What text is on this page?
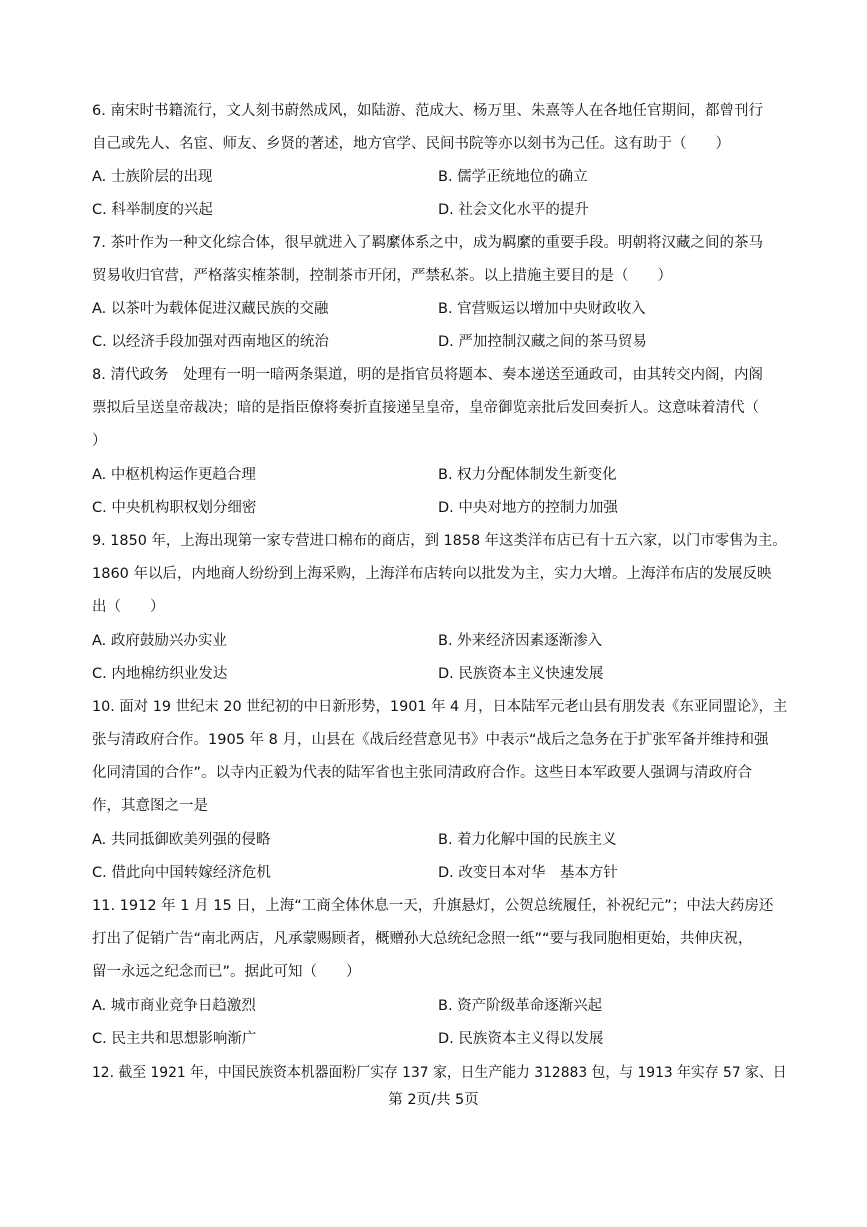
6. 南宋时书籍流行，文人刻书蔚然成风，如陆游、范成大、杨万里、朱熹等人在各地任官期间，都曾刊行
自己或先人、名宦、师友、乡贤的著述，地方官学、民间书院等亦以刻书为己任。这有助于（　　）
A. 士族阶层的出现	B. 儒学正统地位的确立
C. 科举制度的兴起	D. 社会文化水平的提升
7. 茶叶作为一种文化综合体，很早就进入了羁縻体系之中，成为羁縻的重要手段。明朝将汉藏之间的茶马
贸易收归官营，严格落实榷茶制，控制茶市开闭，严禁私茶。以上措施主要目的是（　　）
A. 以茶叶为载体促进汉藏民族的交融	B. 官营贩运以增加中央财政收入
C. 以经济手段加强对西南地区的统治	D. 严加控制汉藏之间的茶马贸易
8. 清代政务　处理有一明一暗两条渠道，明的是指官员将题本、奏本递送至通政司，由其转交内阁，内阁
票拟后呈送皇帝裁决；暗的是指臣僚将奏折直接递呈皇帝，皇帝御览亲批后发回奏折人。这意味着清代（
）
A. 中枢机构运作更趋合理	B. 权力分配体制发生新变化
C. 中央机构职权划分细密	D. 中央对地方的控制力加强
9. 1850 年，上海出现第一家专营进口棉布的商店，到 1858 年这类洋布店已有十五六家，以门市零售为主。
1860 年以后，内地商人纷纷到上海采购，上海洋布店转向以批发为主，实力大增。上海洋布店的发展反映
出（　　）
A. 政府鼓励兴办实业	B. 外来经济因素逐渐渗入
C. 内地棉纺织业发达	D. 民族资本主义快速发展
10. 面对 19 世纪末 20 世纪初的中日新形势，1901 年 4 月，日本陆军元老山县有朋发表《东亚同盟论》，主
张与清政府合作。1905 年 8 月，山县在《战后经营意见书》中表示“战后之急务在于扩张军备并维持和强
化同清国的合作”。以寺内正毅为代表的陆军省也主张同清政府合作。这些日本军政要人强调与清政府合
作，其意图之一是
A. 共同抵御欧美列强的侵略	B. 着力化解中国的民族主义
C. 借此向中国转嫁经济危机	D. 改变日本对华　基本方针
11. 1912 年 1 月 15 日，上海“工商全体休息一天，升旗悬灯，公贺总统履任，补祝纪元”；中法大药房还
打出了促销广告“南北两店，凡承蒙赐顾者，概赠孙大总统纪念照一纸”“要与我同胞相更始，共伸庆祝，
留一永远之纪念而已”。据此可知（　　）
A. 城市商业竞争日趋激烈	B. 资产阶级革命逐渐兴起
C. 民主共和思想影响渐广	D. 民族资本主义得以发展
12. 截至 1921 年，中国民族资本机器面粉厂实存 137 家，日生产能力 312883 包，与 1913 年实存 57 家、日
第 2页/共 5页
